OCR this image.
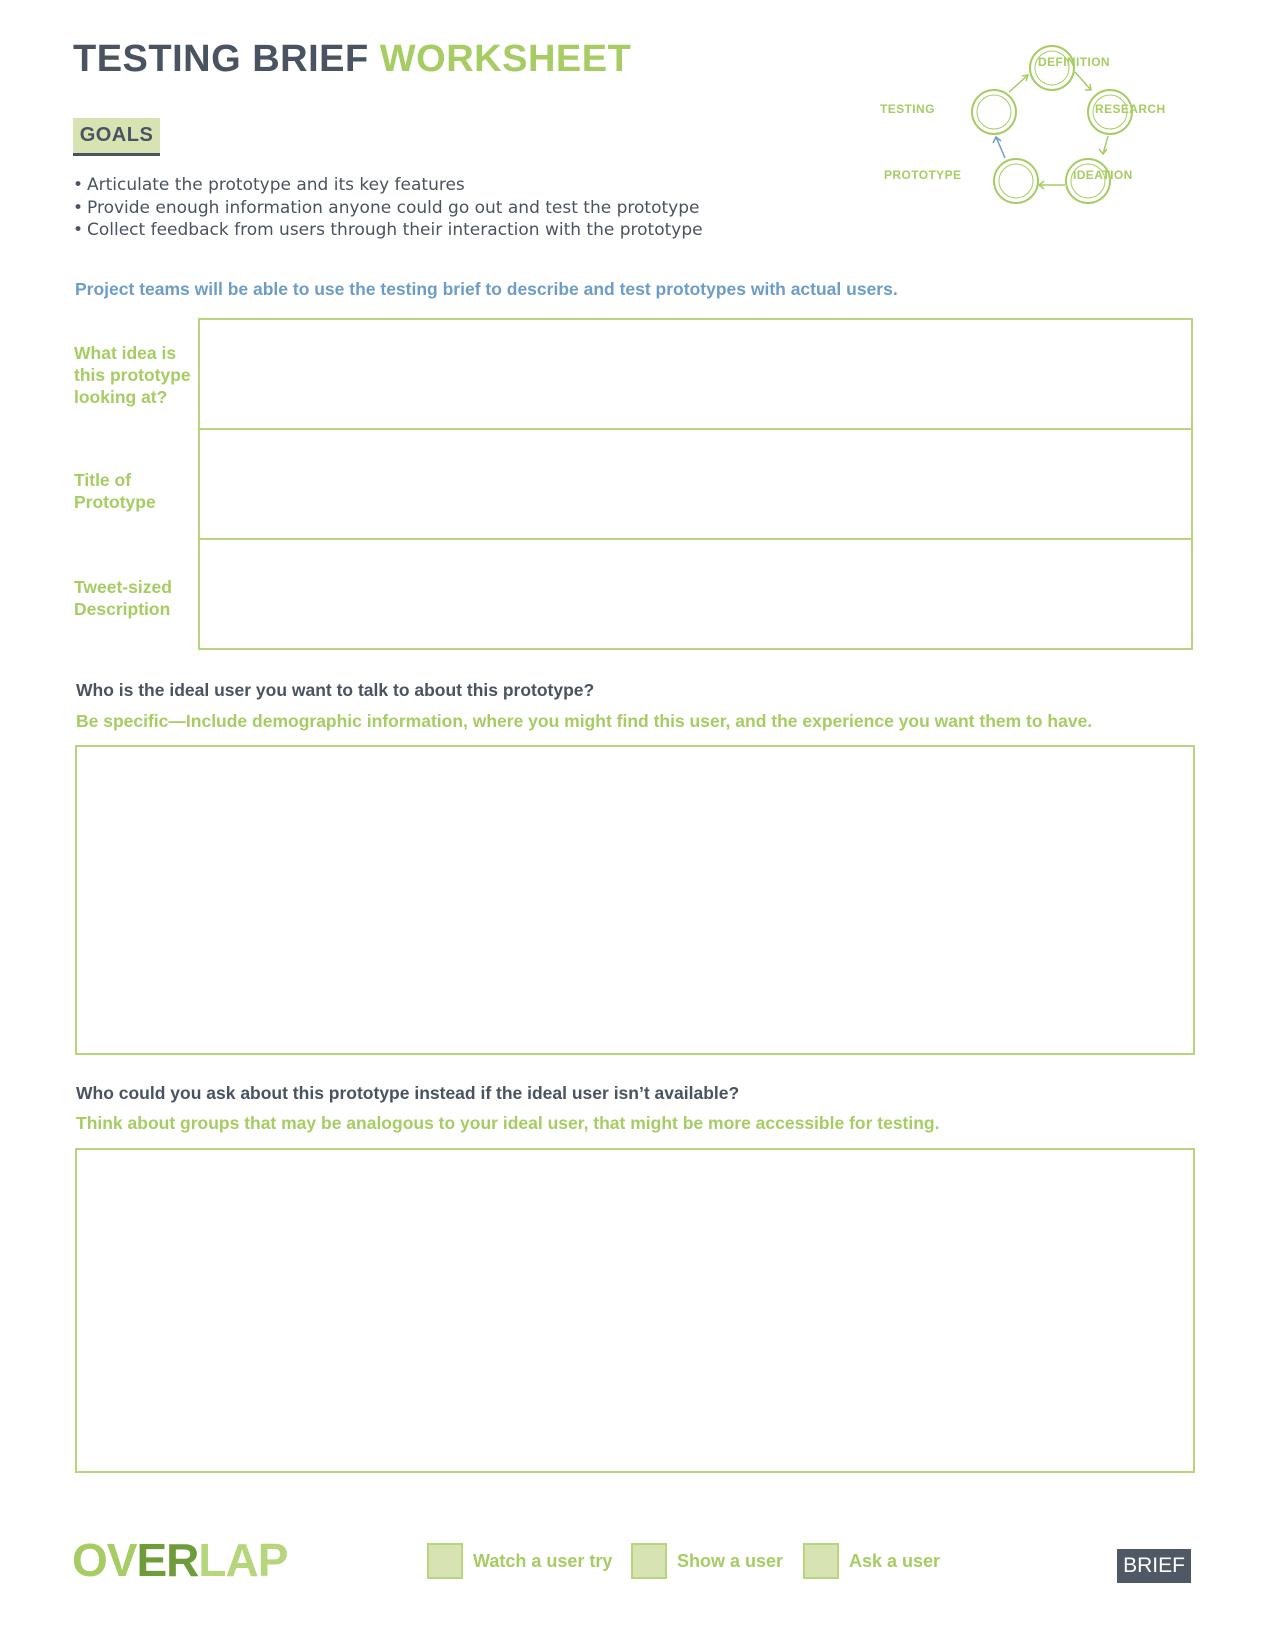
TESTING BRIEF WORKSHEET
GOALS
• Articulate the prototype and its key features
• Provide enough information anyone could go out and test the prototype
• Collect feedback from users through their interaction with the prototype
DEFINITION
RESEARCH
IDEATION
PROTOTYPE
TESTING

Project teams will be able to use the testing brief to describe and test prototypes with actual users.

What idea is
this prototype
looking at?

Title of
Prototype

Tweet-sized
Description

Who is the ideal user you want to talk to about this prototype?

Be specific—Include demographic information, where you might find this user, and the experience you want them to have.

Who could you ask about this prototype instead if the ideal user isn’t available?

Think about groups that may be analogous to your ideal user, that might be more accessible for testing.

OVERLAP	Watch a user try	Show a user	Ask a user	BRIEF
